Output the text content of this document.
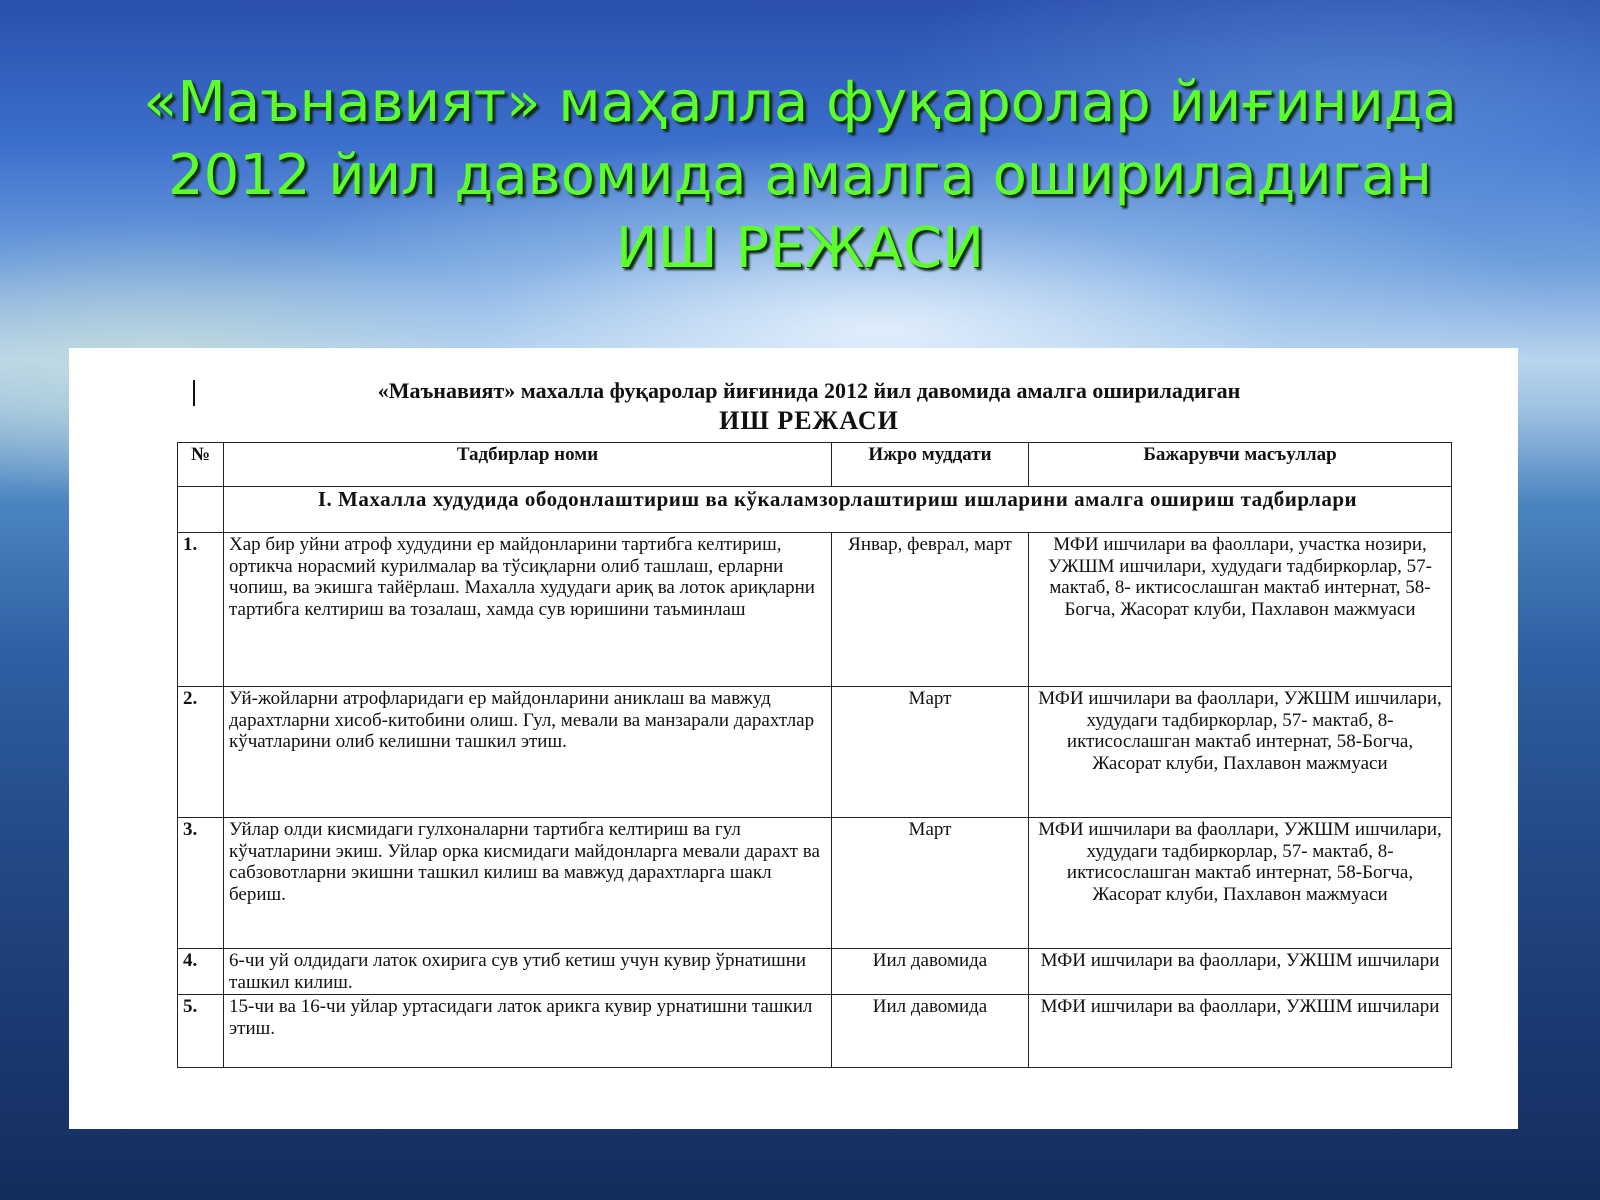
«Маънавият» маҳалла фуқаролар йиғинида
2012 йил давомида амалга ошириладиган
ИШ РЕЖАСИ
«Маънавият» махалла фуқаролар йиғинида 2012 йил давомида амалга ошириладиган
ИШ РЕЖАСИ
№	Тадбирлар номи	Ижро муддати	Бажарувчи масъуллар
	I. Махалла худудида ободонлаштириш ва кўкаламзорлаштириш ишларини амалга ошириш тадбирлари		
1.	Хар бир уйни атроф худудини ер майдонларини тартибга келтириш, ортикча норасмий курилмалар ва тўсиқларни олиб ташлаш, ерларни чопиш, ва экишга тайёрлаш. Махалла худудаги ариқ ва лоток ариқларни тартибга келтириш ва тозалаш, хамда сув юришини таъминлаш	Январ, феврал, март	МФИ ишчилари ва фаоллари, участка нозири, УЖШМ ишчилари, худудаги тадбиркорлар, 57- мактаб, 8- иктисослашган мактаб интернат, 58-Богча, Жасорат клуби, Пахлавон мажмуаси
2.	Уй-жойларни атрофларидаги ер майдонларини аниклаш ва мавжуд дарахтларни хисоб-китобини олиш. Гул, мевали ва манзарали дарахтлар кўчатларини олиб келишни ташкил этиш.	Март	МФИ ишчилари ва фаоллари, УЖШМ ишчилари, худудаги тадбиркорлар, 57- мактаб, 8- иктисослашган мактаб интернат, 58-Богча, Жасорат клуби, Пахлавон мажмуаси
3.	Уйлар олди кисмидаги гулхоналарни тартибга келтириш ва гул кўчатларини экиш. Уйлар орка кисмидаги майдонларга мевали дарахт ва сабзовотларни экишни ташкил килиш ва мавжуд дарахтларга шакл бериш.	Март	МФИ ишчилари ва фаоллари, УЖШМ ишчилари, худудаги тадбиркорлар, 57- мактаб, 8- иктисослашган мактаб интернат, 58-Богча, Жасорат клуби, Пахлавон мажмуаси
4.	6-чи уй олдидаги латок охирига сув утиб кетиш учун кувир ўрнатишни ташкил килиш.	Иил давомида	МФИ ишчилари ва фаоллари, УЖШМ ишчилари
5.	15-чи ва 16-чи уйлар уртасидаги латок арикга кувир урнатишни ташкил этиш.	Иил давомида	МФИ ишчилари ва фаоллари, УЖШМ ишчилари
